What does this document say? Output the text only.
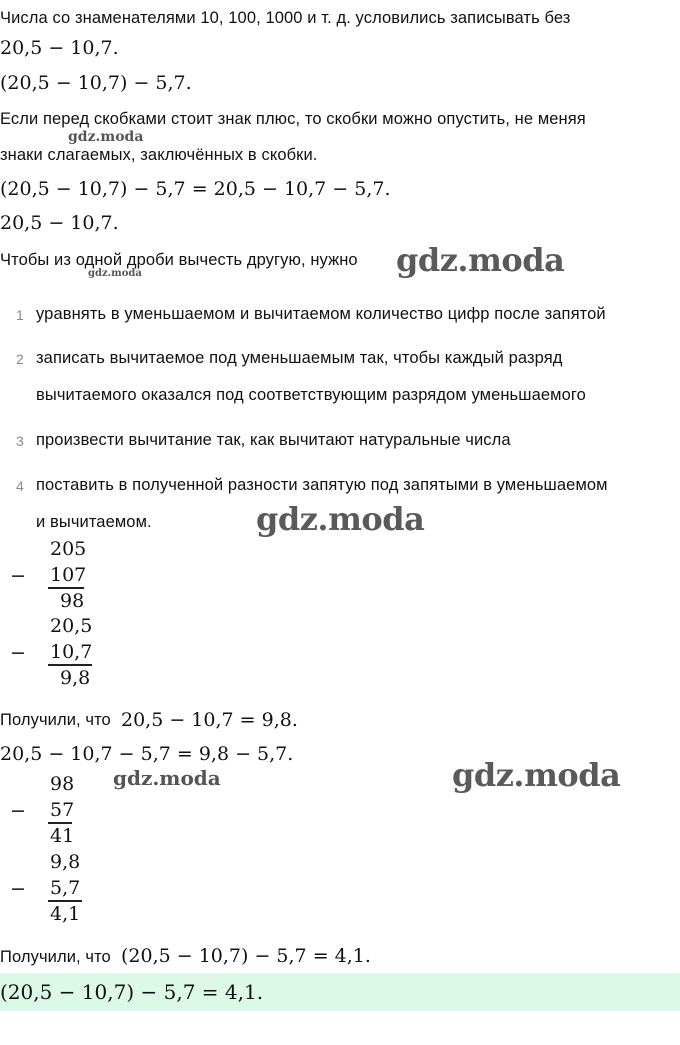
Числа со знаменателями 10, 100, 1000 и т. д. условились записывать без
20,5 − 10,7.
(20,5 − 10,7) − 5,7.
Если перед скобками стоит знак плюс, то скобки можно опустить, не меняя
знаки слагаемых, заключённых в скобки.
(20,5 − 10,7) − 5,7 = 20,5 − 10,7 − 5,7.
20,5 − 10,7.
Чтобы из одной дроби вычесть другую, нужно
1 уравнять в уменьшаемом и вычитаемом количество цифр после запятой
2 записать вычитаемое под уменьшаемым так, чтобы каждый разряд
вычитаемого оказался под соответствующим разрядом уменьшаемого
3 произвести вычитание так, как вычитают натуральные числа
4 поставить в полученной разности запятую под запятыми в уменьшаемом
и вычитаемом.
205
− 107
98
20,5
− 10,7
9,8
Получили, что 20,5 − 10,7 = 9,8.
20,5 − 10,7 − 5,7 = 9,8 − 5,7.
98
− 57
41
9,8
− 5,7
4,1
Получили, что (20,5 − 10,7) − 5,7 = 4,1.
(20,5 − 10,7) − 5,7 = 4,1.
gdz.moda
gdz.moda
gdz.moda
gdz.moda
gdz.moda	gdz.moda
